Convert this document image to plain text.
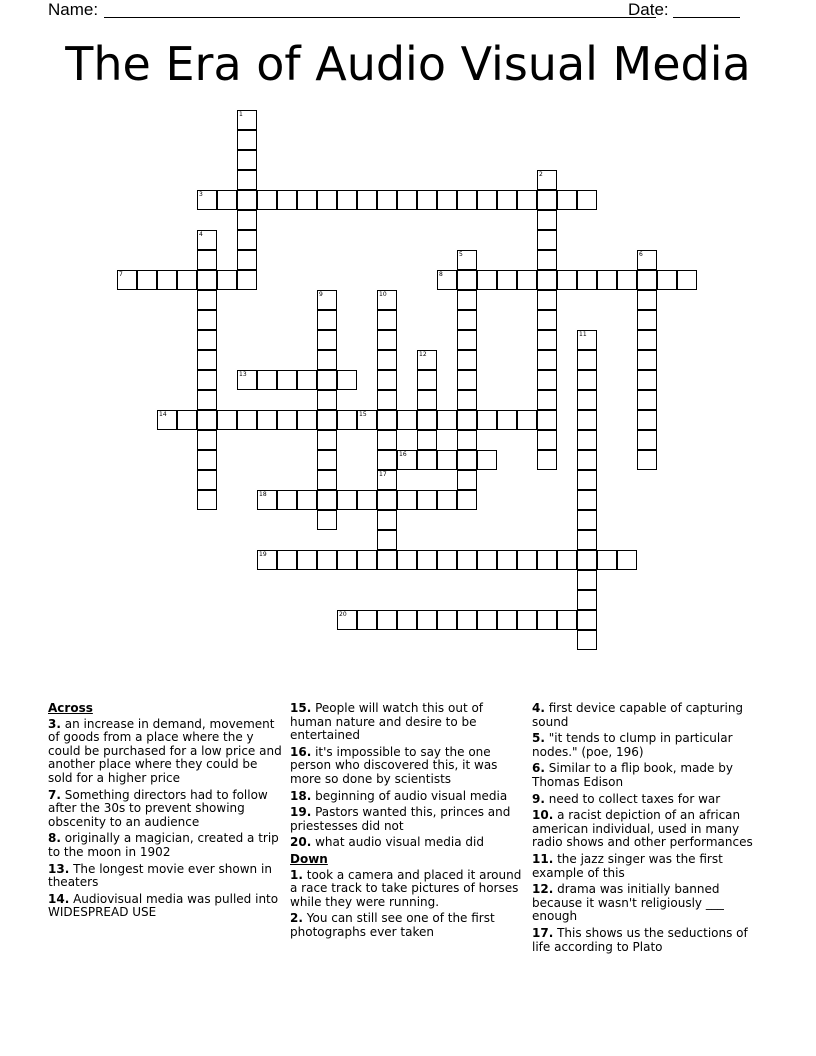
Name:	Date:
The Era of Audio Visual Media
1
2
3
4
5	6
7	8
9	10
11
12
13
14	15
16
17
18
19
20
Across
3. an increase in demand, movement of goods from a place where the y could be purchased for a low price and another place where they could be sold for a higher price
7. Something directors had to follow after the 30s to prevent showing obscenity to an audience
8. originally a magician, created a trip to the moon in 1902
13. The longest movie ever shown in theaters
14. Audiovisual media was pulled into WIDESPREAD USE
15. People will watch this out of human nature and desire to be entertained
16. it's impossible to say the one person who discovered this, it was more so done by scientists
18. beginning of audio visual media
19. Pastors wanted this, princes and priestesses did not
20. what audio visual media did
Down
1. took a camera and placed it around a race track to take pictures of horses while they were running.
2. You can still see one of the first photographs ever taken
4. first device capable of capturing sound
5. "it tends to clump in particular nodes." (poe, 196)
6. Similar to a flip book, made by Thomas Edison
9. need to collect taxes for war
10. a racist depiction of an african american individual, used in many radio shows and other performances
11. the jazz singer was the first example of this
12. drama was initially banned because it wasn't religiously ___ enough
17. This shows us the seductions of life according to Plato
